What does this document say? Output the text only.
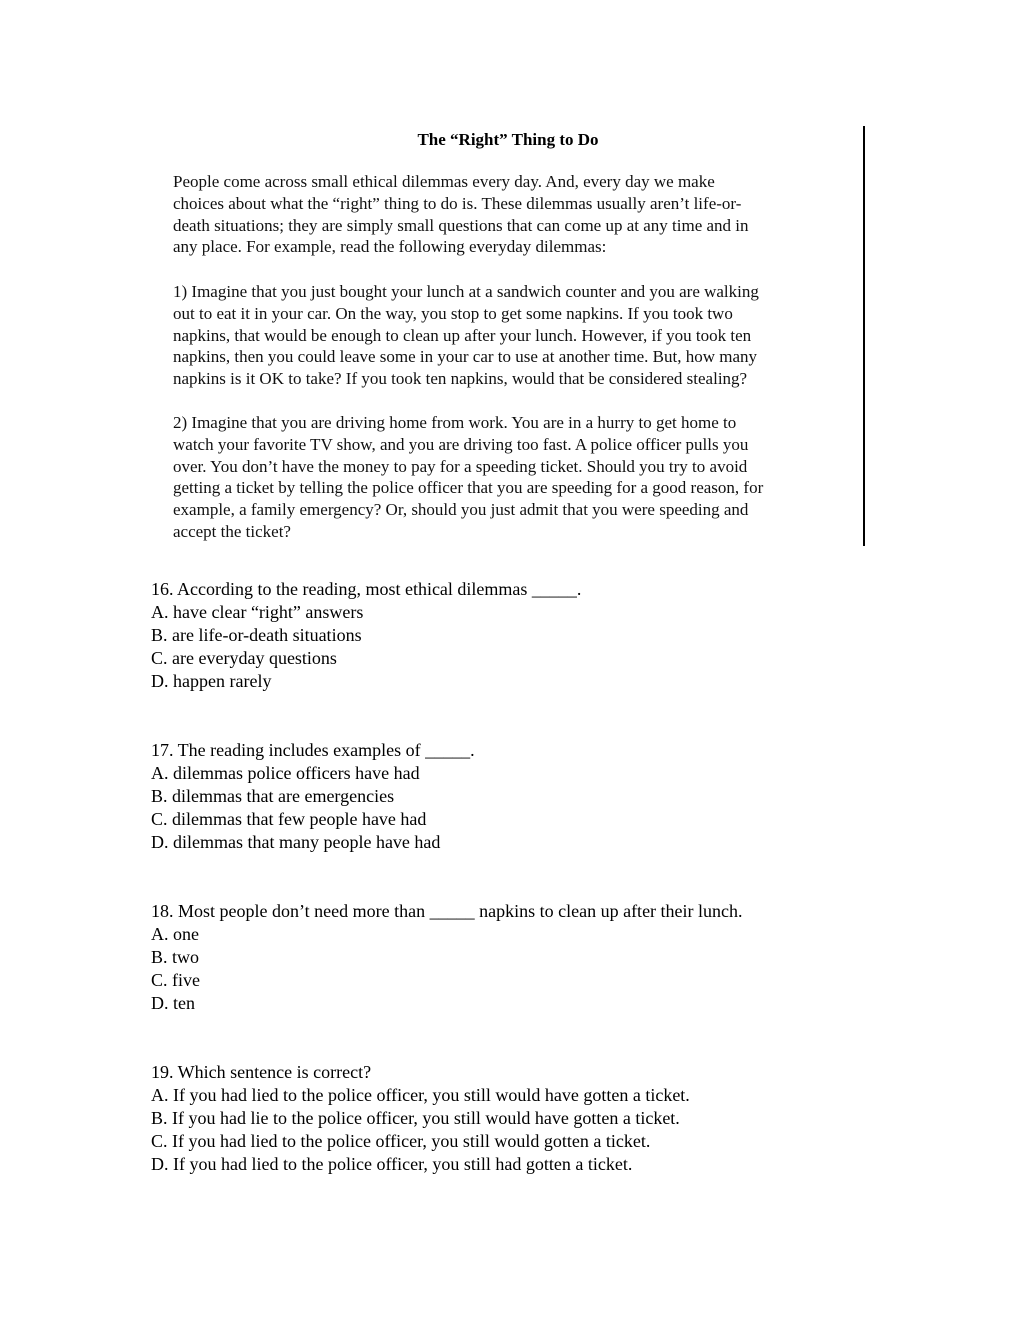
The “Right” Thing to Do
People come across small ethical dilemmas every day. And, every day we make
choices about what the “right” thing to do is. These dilemmas usually aren’t life-or-
death situations; they are simply small questions that can come up at any time and in
any place. For example, read the following everyday dilemmas:
1) Imagine that you just bought your lunch at a sandwich counter and you are walking
out to eat it in your car. On the way, you stop to get some napkins. If you took two
napkins, that would be enough to clean up after your lunch. However, if you took ten
napkins, then you could leave some in your car to use at another time. But, how many
napkins is it OK to take? If you took ten napkins, would that be considered stealing?
2) Imagine that you are driving home from work. You are in a hurry to get home to
watch your favorite TV show, and you are driving too fast. A police officer pulls you
over. You don’t have the money to pay for a speeding ticket. Should you try to avoid
getting a ticket by telling the police officer that you are speeding for a good reason, for
example, a family emergency? Or, should you just admit that you were speeding and
accept the ticket?
16. According to the reading, most ethical dilemmas _____.
A. have clear “right” answers
B. are life-or-death situations
C. are everyday questions
D. happen rarely
17. The reading includes examples of _____.
A. dilemmas police officers have had
B. dilemmas that are emergencies
C. dilemmas that few people have had
D. dilemmas that many people have had
18. Most people don’t need more than _____ napkins to clean up after their lunch.
A. one
B. two
C. five
D. ten
19. Which sentence is correct?
A. If you had lied to the police officer, you still would have gotten a ticket.
B. If you had lie to the police officer, you still would have gotten a ticket.
C. If you had lied to the police officer, you still would gotten a ticket.
D. If you had lied to the police officer, you still had gotten a ticket.
